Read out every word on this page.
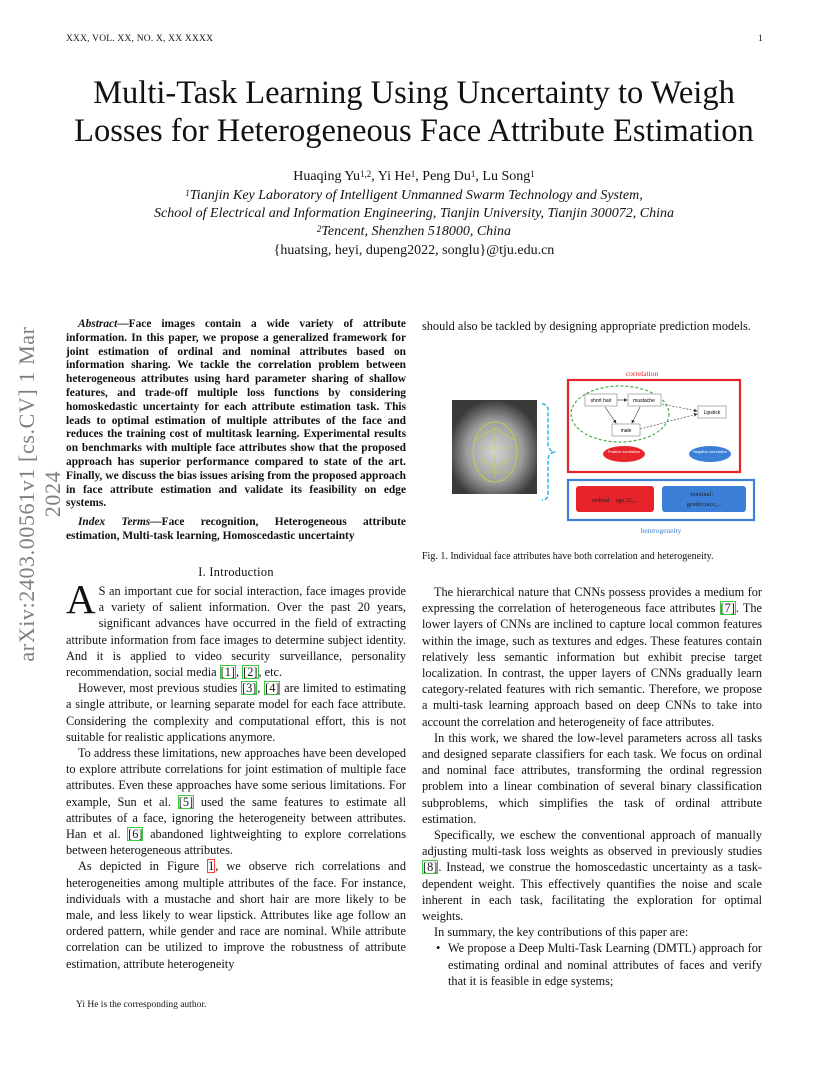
XXX, VOL. XX, NO. X, XX XXXX	1
Multi-Task Learning Using Uncertainty to Weigh
Losses for Heterogeneous Face Attribute Estimation
Huaqing Yu$^{1,2}$, Yi He$^1$, Peng Du$^1$, Lu Song$^1$
$^1$Tianjin Key Laboratory of Intelligent Unmanned Swarm Technology and System,
School of Electrical and Information Engineering, Tianjin University, Tianjin 300072, China
$^2$Tencent, Shenzhen 518000, China
{huatsing, heyi, dupeng2022, songlu}@tju.edu.cn
arXiv:2403.00561v1 [cs.CV] 1 Mar 2024

Abstract—Face images contain a wide variety of attribute information. In this paper, we propose a generalized framework for joint estimation of ordinal and nominal attributes based on information sharing. We tackle the correlation problem between heterogeneous attributes using hard parameter sharing of shallow features, and trade-off multiple loss functions by considering homoskedastic uncertainty for each attribute estimation task. This leads to optimal estimation of multiple attributes of the face and reduces the training cost of multitask learning. Experimental results on benchmarks with multiple face attributes show that the proposed approach has superior performance compared to state of the art. Finally, we discuss the bias issues arising from the proposed approach in face attribute estimation and validate its feasibility on edge systems.

Index Terms—Face recognition, Heterogeneous attribute estimation, Multi-task learning, Homoscedastic uncertainty

I. Introduction

A S an important cue for social interaction, face images provide a variety of salient information. Over the past 20 years, significant advances have occurred in the field of extracting attribute information from face images to determine subject identity. And it is applied to video security surveillance, personality recommendation, social media [1], [2], etc.

However, most previous studies [3], [4] are limited to estimating a single attribute, or learning separate model for each face attribute. Considering the complexity and computational effort, this is not suitable for realistic applications anymore.

To address these limitations, new approaches have been developed to explore attribute correlations for joint estimation of multiple face attributes. Even these approaches have some serious limitations. For example, Sun et al. [5] used the same features to estimate all attributes of a face, ignoring the heterogeneity between attributes. Han et al. [6] abandoned lightweighting to explore correlations between heterogeneous attributes.

As depicted in Figure 1, we observe rich correlations and heterogeneities among multiple attributes of the face. For instance, individuals with a mustache and short hair are more likely to be male, and less likely to wear lipstick. Attributes like age follow an ordered pattern, while gender and race are nominal. While attribute correlation can be utilized to improve the robustness of attribute estimation, attribute heterogeneity

Yi He is the corresponding author.
should also be tackled by designing appropriate prediction models.
correlation
short hair	mustache
male
Lipstick
Positive correlation	Negative correlation
ordinal：age,32,...
nominal：
gender,race,...
heterogeneity
Fig. 1. Individual face attributes have both correlation and heterogeneity.

The hierarchical nature that CNNs possess provides a medium for expressing the correlation of heterogeneous face attributes [7]. The lower layers of CNNs are inclined to capture local common features within the image, such as textures and edges. These features contain relatively less semantic information but exhibit precise target localization. In contrast, the upper layers of CNNs gradually learn category-related features with rich semantic. Therefore, we propose a multi-task learning approach based on deep CNNs to take into account the correlation and heterogeneity of face attributes.

In this work, we shared the low-level parameters across all tasks and designed separate classifiers for each task. We focus on ordinal and nominal face attributes, transforming the ordinal regression problem into a linear combination of several binary classification subproblems, which simplifies the task of ordinal attribute estimation.

Specifically, we eschew the conventional approach of manually adjusting multi-task loss weights as observed in previously studies [8]. Instead, we construe the homoscedastic uncertainty as a task-dependent weight. This effectively quantifies the noise and scale inherent in each task, facilitating the exploration for optimal weights.

In summary, the key contributions of this paper are:

• We propose a Deep Multi-Task Learning (DMTL) approach for estimating ordinal and nominal attributes of faces and verify that it is feasible in edge systems;
